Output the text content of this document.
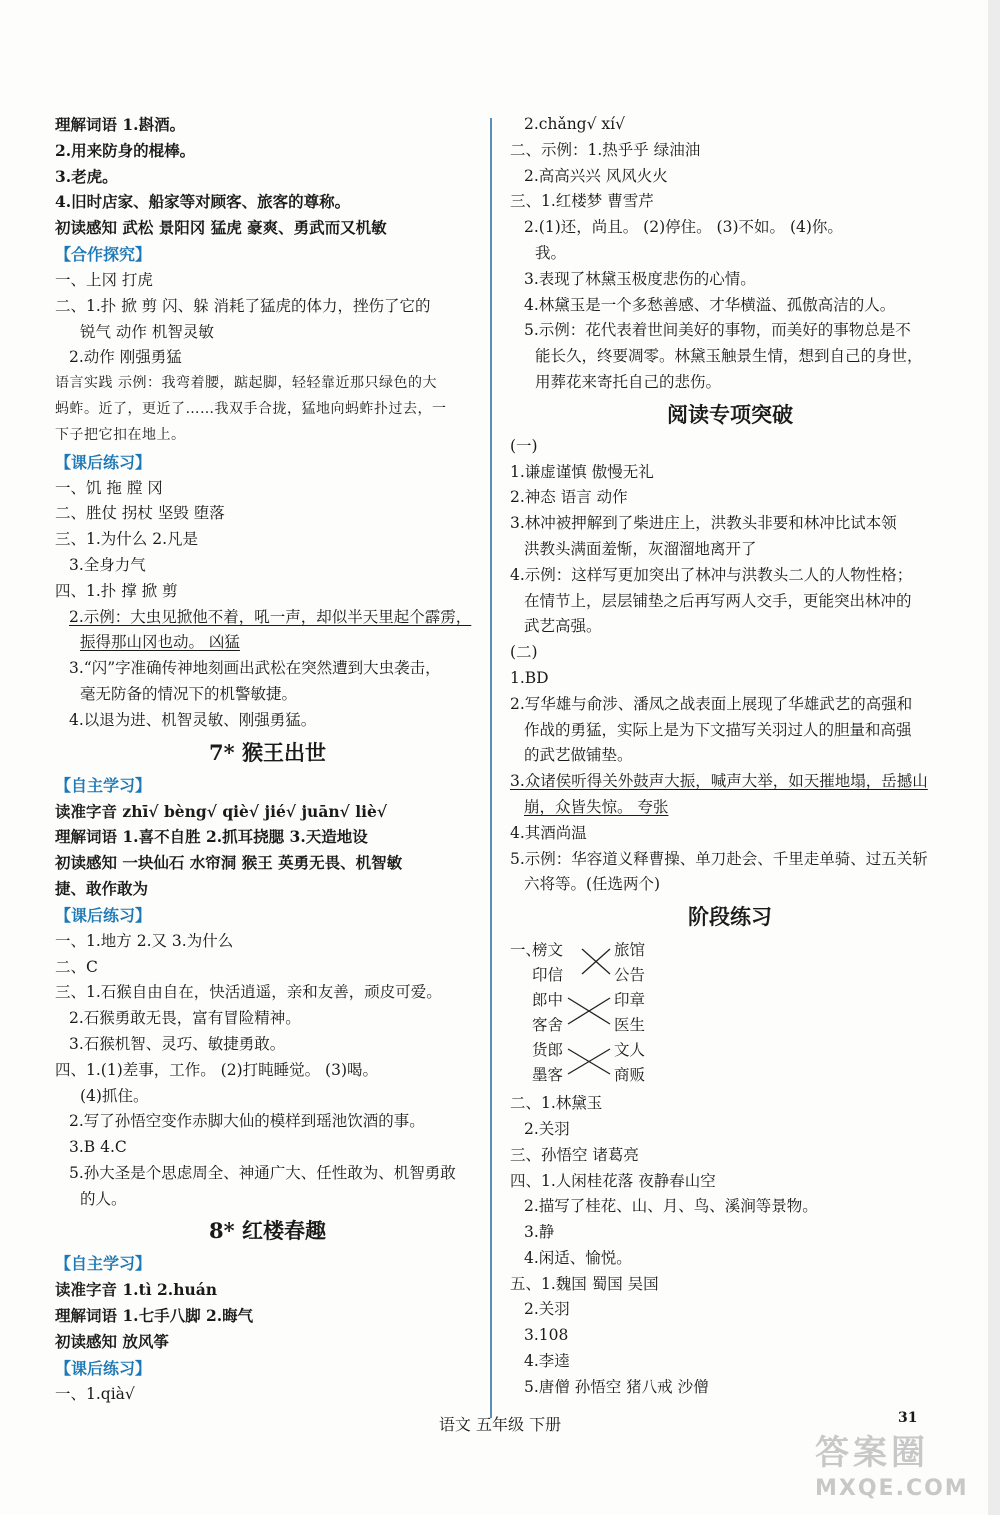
理解词语 1.斟酒。
2.用来防身的棍棒。
3.老虎。
4.旧时店家、船家等对顾客、旅客的尊称。
初读感知 武松 景阳冈 猛虎 豪爽、勇武而又机敏
【合作探究】
一、上冈 打虎
二、1.扑 掀 剪 闪、躲 消耗了猛虎的体力，挫伤了它的
锐气 动作 机智灵敏
2.动作 刚强勇猛
语言实践 示例：我弯着腰，踮起脚，轻轻靠近那只绿色的大
蚂蚱。近了，更近了……我双手合拢，猛地向蚂蚱扑过去，一
下子把它扣在地上。
【课后练习】
一、饥 拖 膛 冈
二、胜仗 拐杖 坚毁 堕落
三、1.为什么 2.凡是
3.全身力气
四、1.扑 撑 掀 剪
2.示例：大虫见掀他不着，吼一声，却似半天里起个霹雳，
振得那山冈也动。 凶猛
3.“闪”字准确传神地刻画出武松在突然遭到大虫袭击，
毫无防备的情况下的机警敏捷。
4.以退为进、机智灵敏、刚强勇猛。
7* 猴王出世
【自主学习】
读准字音 zhī√ bèng√ qiè√ jié√ juān√ liè√
理解词语 1.喜不自胜 2.抓耳挠腮 3.天造地设
初读感知 一块仙石 水帘洞 猴王 英勇无畏、机智敏
捷、敢作敢为
【课后练习】
一、1.地方 2.又 3.为什么
二、C
三、1.石猴自由自在，快活逍遥，亲和友善，顽皮可爱。
2.石猴勇敢无畏，富有冒险精神。
3.石猴机智、灵巧、敏捷勇敢。
四、1.(1)差事，工作。 (2)打盹睡觉。 (3)喝。
(4)抓住。
2.写了孙悟空变作赤脚大仙的模样到瑶池饮酒的事。
3.B 4.C
5.孙大圣是个思虑周全、神通广大、任性敢为、机智勇敢
的人。
8* 红楼春趣
【自主学习】
读准字音 1.tì 2.huán
理解词语 1.七手八脚 2.晦气
初读感知 放风筝
【课后练习】
一、1.qià√
2.chǎng√ xí√
二、示例：1.热乎乎 绿油油
2.高高兴兴 风风火火
三、1.红楼梦 曹雪芹
2.(1)还，尚且。 (2)停住。 (3)不如。 (4)你。
我。
3.表现了林黛玉极度悲伤的心情。
4.林黛玉是一个多愁善感、才华横溢、孤傲高洁的人。
5.示例：花代表着世间美好的事物，而美好的事物总是不
能长久，终要凋零。林黛玉触景生情，想到自己的身世，
用葬花来寄托自己的悲伤。
阅读专项突破
(一)
1.谦虚谨慎 傲慢无礼
2.神态 语言 动作
3.林冲被押解到了柴进庄上，洪教头非要和林冲比试本领
洪教头满面羞惭，灰溜溜地离开了
4.示例：这样写更加突出了林冲与洪教头二人的人物性格；
在情节上，层层铺垫之后再写两人交手，更能突出林冲的
武艺高强。
(二)
1.BD
2.写华雄与俞涉、潘凤之战表面上展现了华雄武艺的高强和
作战的勇猛，实际上是为下文描写关羽过人的胆量和高强
的武艺做铺垫。
3.众诸侯听得关外鼓声大振，喊声大举，如天摧地塌，岳撼山
崩，众皆失惊。 夸张
4.其酒尚温
5.示例：华容道义释曹操、单刀赴会、千里走单骑、过五关斩
六将等。(任选两个)
阶段练习
一、
榜文
印信
郎中
客舍
货郎
墨客
旅馆
公告
印章
医生
文人
商贩
二、1.林黛玉
2.关羽
三、孙悟空 诸葛亮
四、1.人闲桂花落 夜静春山空
2.描写了桂花、山、月、鸟、溪涧等景物。
3.静
4.闲适、愉悦。
五、1.魏国 蜀国 吴国
2.关羽
3.108
4.李逵
5.唐僧 孙悟空 猪八戒 沙僧
语文 五年级 下册	31
答案圈
MXQE.COM
